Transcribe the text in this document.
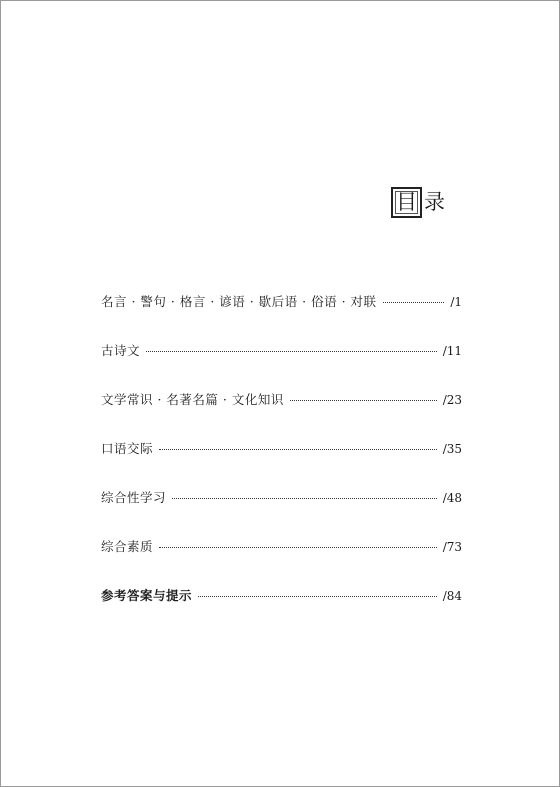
目 录
名言 · 警句 · 格言 · 谚语 · 歇后语 · 俗语 · 对联	/1
古诗文	/11
文学常识 · 名著名篇 · 文化知识	/23
口语交际	/35
综合性学习	/48
综合素质	/73
参考答案与提示	/84
